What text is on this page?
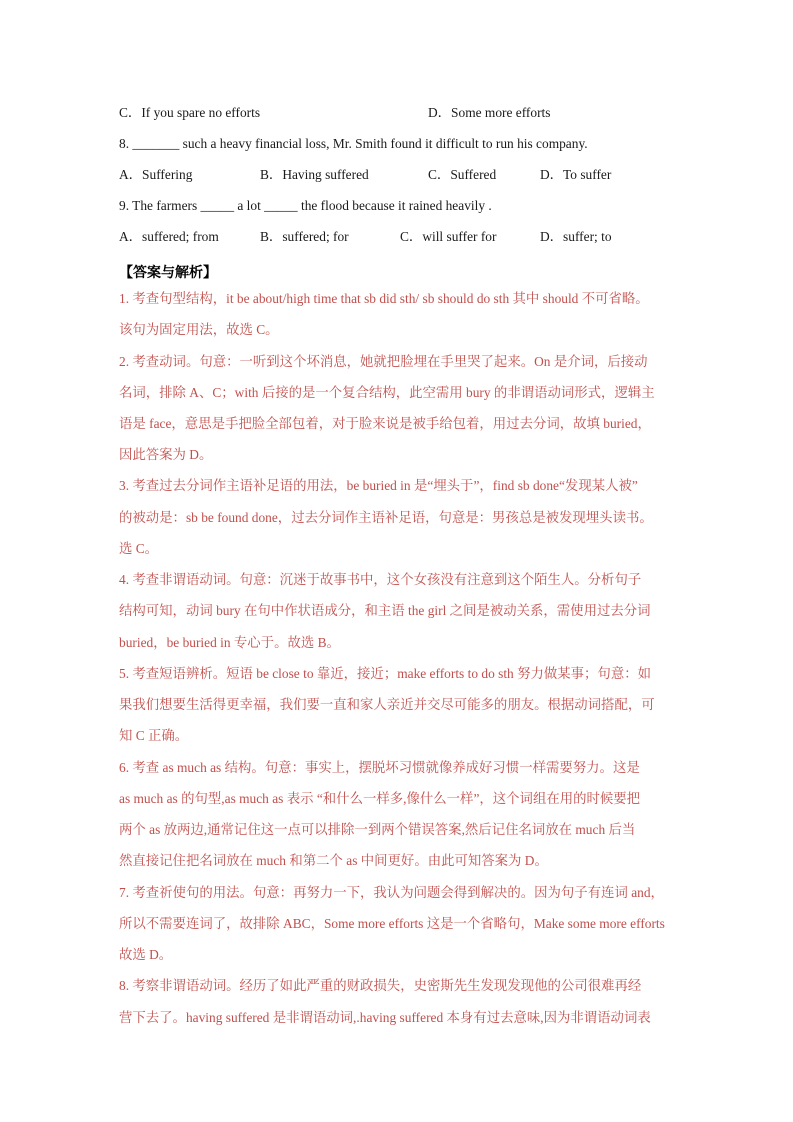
C．If you spare no efforts	D．Some more efforts
8. _______ such a heavy financial loss, Mr. Smith found it difficult to run his company.
A．Suffering	B．Having suffered	C．Suffered	D．To suffer
9. The farmers _____ a lot _____ the flood because it rained heavily .
A．suffered; from	B．suffered; for	C．will suffer for	D．suffer; to
【答案与解析】
1. 考查句型结构，it be about/high time that sb did sth/ sb should do sth 其中 should 不可省略。
该句为固定用法，故选 C。
2. 考查动词。句意：一听到这个坏消息，她就把脸埋在手里哭了起来。On 是介词，后接动
名词，排除 A、C；with 后接的是一个复合结构，此空需用 bury 的非谓语动词形式，逻辑主
语是 face，意思是手把脸全部包着，对于脸来说是被手给包着，用过去分词，故填 buried，
因此答案为 D。
3. 考查过去分词作主语补足语的用法，be buried in 是“埋头于”，find sb done“发现某人被”
的被动是：sb be found done，过去分词作主语补足语，句意是：男孩总是被发现埋头读书。
选 C。
4. 考查非谓语动词。句意：沉迷于故事书中，这个女孩没有注意到这个陌生人。分析句子
结构可知，动词 bury 在句中作状语成分，和主语 the girl 之间是被动关系，需使用过去分词
buried，be buried in 专心于。故选 B。
5. 考查短语辨析。短语 be close to 靠近，接近；make efforts to do sth 努力做某事；句意：如
果我们想要生活得更幸福，我们要一直和家人亲近并交尽可能多的朋友。根据动词搭配，可
知 C 正确。
6. 考查 as much as 结构。句意：事实上，摆脱坏习惯就像养成好习惯一样需要努力。这是
as much as 的句型,as much as 表示 “和什么一样多,像什么一样”，这个词组在用的时候要把
两个 as 放两边,通常记住这一点可以排除一到两个错误答案,然后记住名词放在 much 后当
然直接记住把名词放在 much 和第二个 as 中间更好。由此可知答案为 D。
7. 考查祈使句的用法。句意：再努力一下，我认为问题会得到解决的。因为句子有连词 and，
所以不需要连词了，故排除 ABC，Some more efforts 这是一个省略句，Make some more efforts
故选 D。
8. 考察非谓语动词。经历了如此严重的财政损失，史密斯先生发现发现他的公司很难再经
营下去了。having suffered 是非谓语动词,.having suffered 本身有过去意味,因为非谓语动词表
